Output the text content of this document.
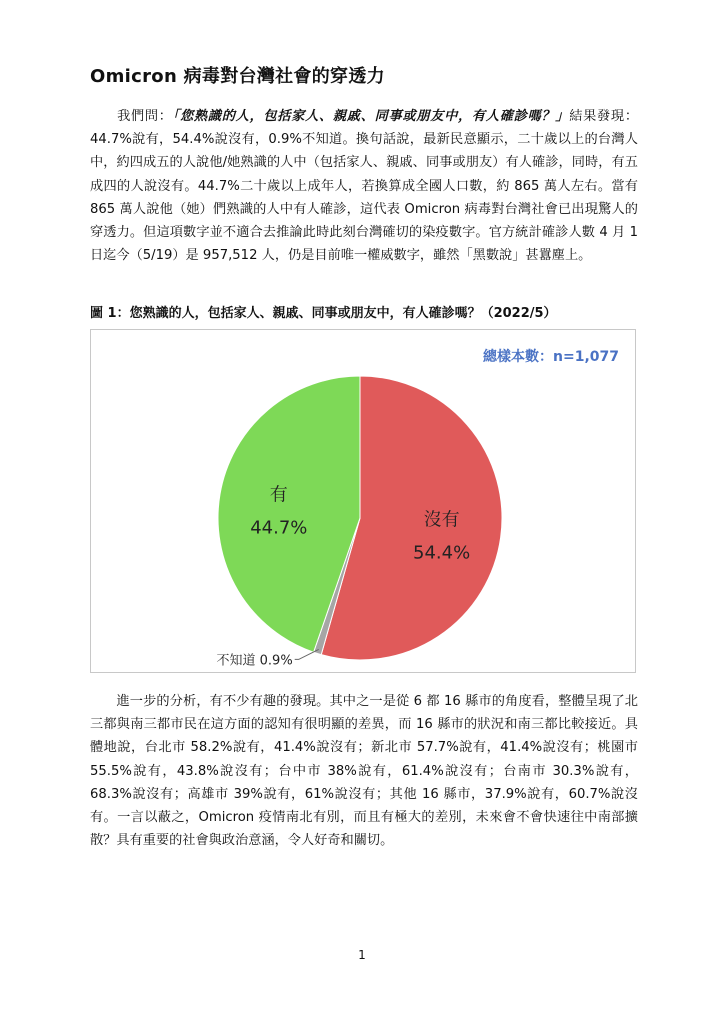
Omicron 病毒對台灣社會的穿透力

  我們問：「您熟識的人，包括家人、親戚、同事或朋友中，有人確診嗎？」結果發現：44.7%說有，54.4%說沒有，0.9%不知道。換句話說，最新民意顯示，二十歲以上的台灣人中，約四成五的人說他/她熟識的人中（包括家人、親戚、同事或朋友）有人確診，同時，有五成四的人說沒有。44.7%二十歲以上成年人，若換算成全國人口數，約 865 萬人左右。當有 865 萬人說他（她）們熟識的人中有人確診，這代表 Omicron 病毒對台灣社會已出現驚人的穿透力。但這項數字並不適合去推論此時此刻台灣確切的染疫數字。官方統計確診人數 4 月 1 日迄今（5/19）是 957,512 人，仍是目前唯一權威數字，雖然「黑數說」甚囂塵上。

圖 1：您熟識的人，包括家人、親戚、同事或朋友中，有人確診嗎？（2022/5）
沒有
54.4%
不知道 0.9%
有
44.7%
總樣本數：n=1,077

  進一步的分析，有不少有趣的發現。其中之一是從 6 都 16 縣市的角度看，整體呈現了北三都與南三都市民在這方面的認知有很明顯的差異，而 16 縣市的狀況和南三都比較接近。具體地說，台北市 58.2%說有，41.4%說沒有；新北市 57.7%說有，41.4%說沒有；桃園市 55.5%說有，43.8%說沒有；台中市 38%說有，61.4%說沒有；台南市 30.3%說有，68.3%說沒有；高雄市 39%說有，61%說沒有；其他 16 縣市，37.9%說有，60.7%說沒有。一言以蔽之，Omicron 疫情南北有別，而且有極大的差別，未來會不會快速往中南部擴散？具有重要的社會與政治意涵，令人好奇和關切。

1
